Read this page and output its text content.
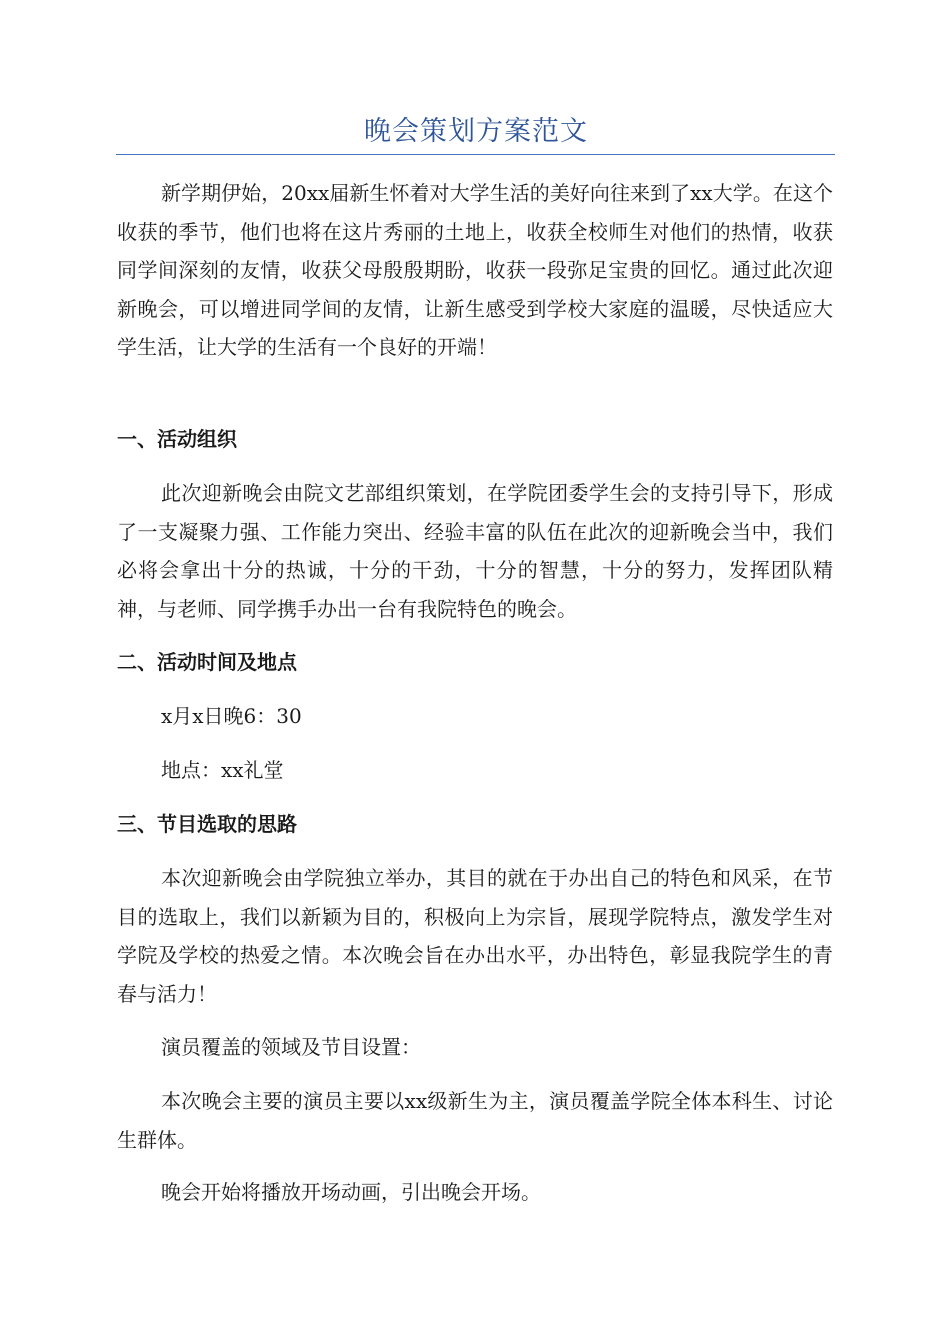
晚会策划方案范文
新学期伊始，20xx届新生怀着对大学生活的美好向往来到了xx大学。在这个收获的季节，他们也将在这片秀丽的土地上，收获全校师生对他们的热情，收获同学间深刻的友情，收获父母殷殷期盼，收获一段弥足宝贵的回忆。通过此次迎新晚会，可以增进同学间的友情，让新生感受到学校大家庭的温暖，尽快适应大学生活，让大学的生活有一个良好的开端！
一、活动组织
此次迎新晚会由院文艺部组织策划，在学院团委学生会的支持引导下，形成了一支凝聚力强、工作能力突出、经验丰富的队伍在此次的迎新晚会当中，我们必将会拿出十分的热诚，十分的干劲，十分的智慧，十分的努力，发挥团队精神，与老师、同学携手办出一台有我院特色的晚会。
二、活动时间及地点
x月x日晚6：30
地点：xx礼堂
三、节目选取的思路
本次迎新晚会由学院独立举办，其目的就在于办出自己的特色和风采，在节目的选取上，我们以新颖为目的，积极向上为宗旨，展现学院特点，激发学生对学院及学校的热爱之情。本次晚会旨在办出水平，办出特色，彰显我院学生的青春与活力！
演员覆盖的领域及节目设置：
本次晚会主要的演员主要以xx级新生为主，演员覆盖学院全体本科生、讨论生群体。
晚会开始将播放开场动画，引出晚会开场。
